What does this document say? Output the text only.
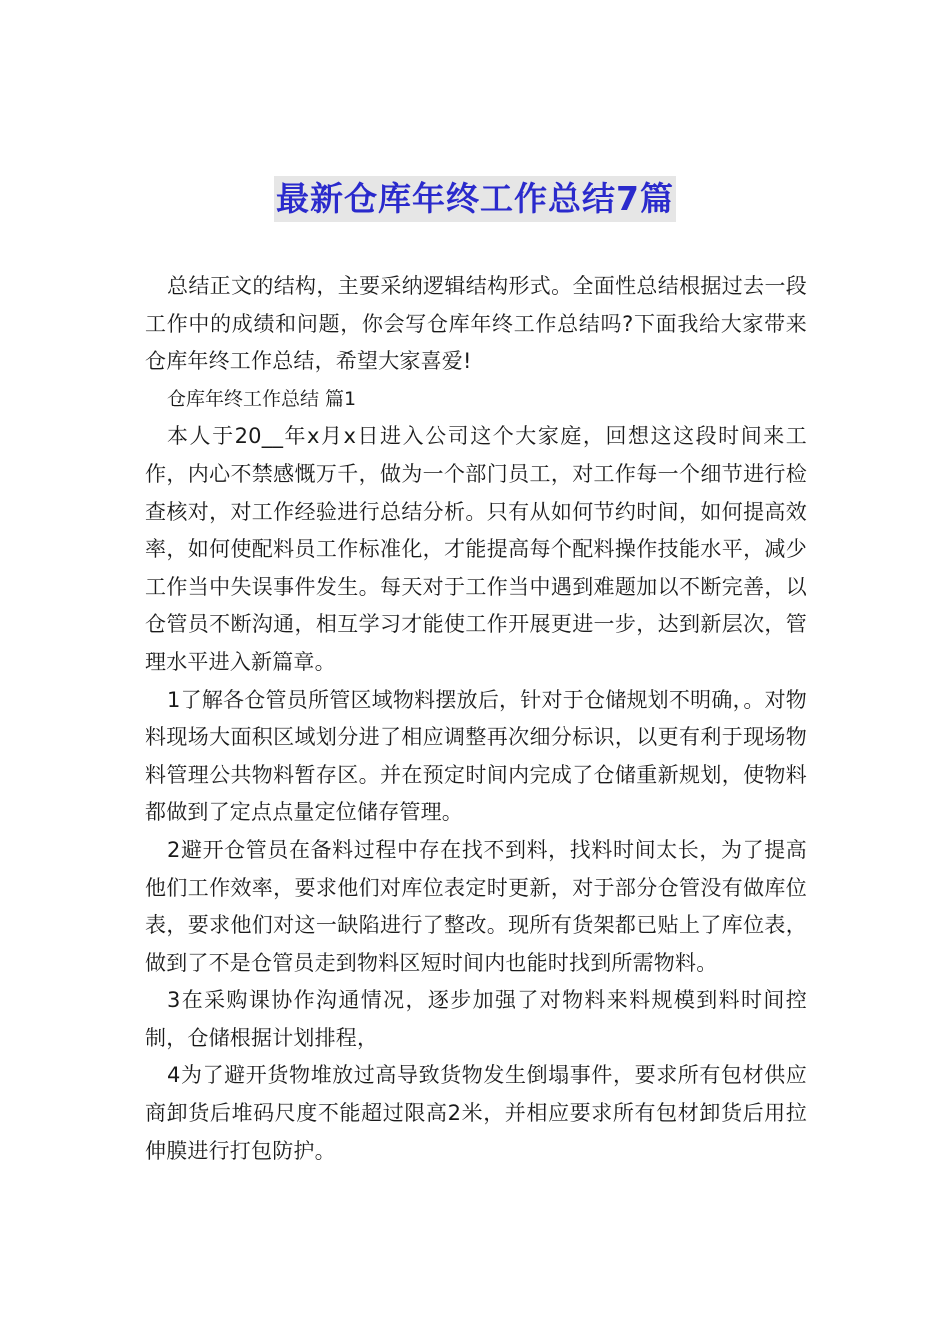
最新仓库年终工作总结7篇

总结正文的结构，主要采纳逻辑结构形式。全面性总结根据过去一段工作中的成绩和问题，你会写仓库年终工作总结吗?下面我给大家带来仓库年终工作总结，希望大家喜爱!

仓库年终工作总结 篇1

本人于20__年x月x日进入公司这个大家庭，回想这这段时间来工作，内心不禁感慨万千，做为一个部门员工，对工作每一个细节进行检查核对，对工作经验进行总结分析。只有从如何节约时间，如何提高效率，如何使配料员工作标准化，才能提高每个配料操作技能水平，减少工作当中失误事件发生。每天对于工作当中遇到难题加以不断完善，以仓管员不断沟通，相互学习才能使工作开展更进一步，达到新层次，管理水平进入新篇章。

1了解各仓管员所管区域物料摆放后，针对于仓储规划不明确，。对物料现场大面积区域划分进了相应调整再次细分标识，以更有利于现场物料管理公共物料暂存区。并在预定时间内完成了仓储重新规划，使物料都做到了定点点量定位储存管理。

2避开仓管员在备料过程中存在找不到料，找料时间太长，为了提高他们工作效率，要求他们对库位表定时更新，对于部分仓管没有做库位表，要求他们对这一缺陷进行了整改。现所有货架都已贴上了库位表，做到了不是仓管员走到物料区短时间内也能时找到所需物料。

3在采购课协作沟通情况，逐步加强了对物料来料规模到料时间控制，仓储根据计划排程，

4为了避开货物堆放过高导致货物发生倒塌事件，要求所有包材供应商卸货后堆码尺度不能超过限高2米，并相应要求所有包材卸货后用拉伸膜进行打包防护。
